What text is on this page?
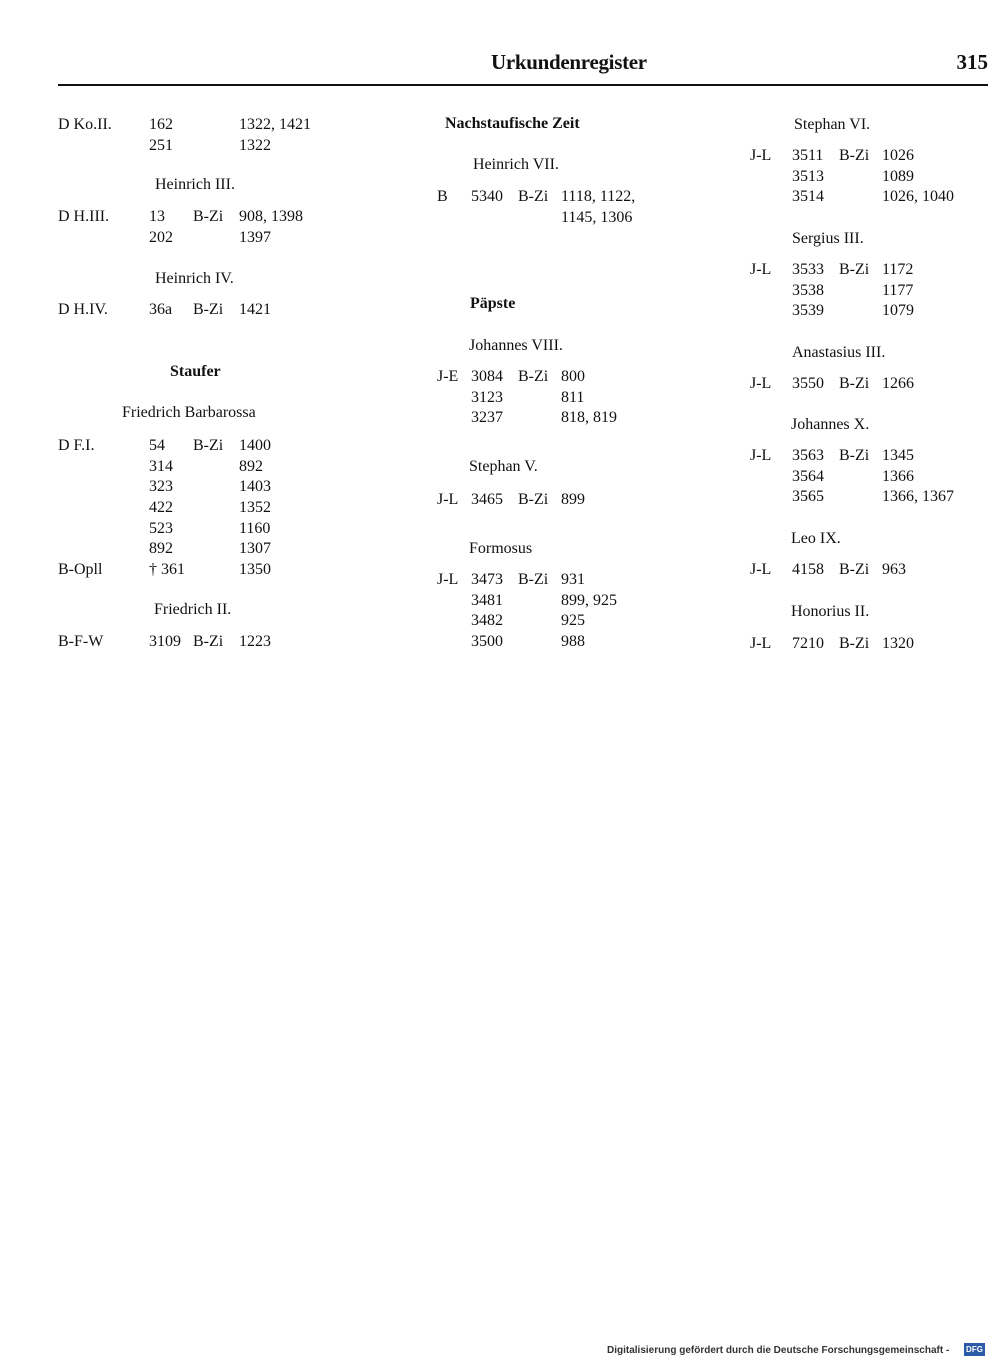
Urkundenregister	315
D Ko.II. 162	1322, 1421
251	1322
Heinrich III.
D H.III. 13 B-Zi 908, 1398
202	1397
Heinrich IV.
D H.IV.	36a B-Zi 1421
Staufer
Friedrich Barbarossa
D F.I.	54 B-Zi 1400
314	892
323	1403
422	1352
523	1160
892	1307
B-Opll	† 361	1350
Friedrich II.
B-F-W	3109 B-Zi 1223
Nachstaufische Zeit
Heinrich VII.
B 5340 B-Zi 1118, 1122,
1145, 1306
Päpste
Johannes VIII.
J-E 3084 B-Zi 800
3123	811
3237	818, 819
Stephan V.
J-L 3465 B-Zi 899
Formosus
J-L 3473 B-Zi 931
3481	899, 925
3482	925
3500	988
Stephan VI.
J-L 3511 B-Zi 1026
3513	1089
3514	1026, 1040
Sergius III.
J-L 3533 B-Zi 1172
3538	1177
3539	1079
Anastasius III.
J-L 3550 B-Zi 1266
Johannes X.
J-L 3563 B-Zi 1345
3564	1366
3565	1366, 1367
Leo IX.
J-L 4158 B-Zi 963
Honorius II.
J-L 7210 B-Zi 1320
Digitalisierung gefördert durch die Deutsche Forschungsgemeinschaft - DFG
